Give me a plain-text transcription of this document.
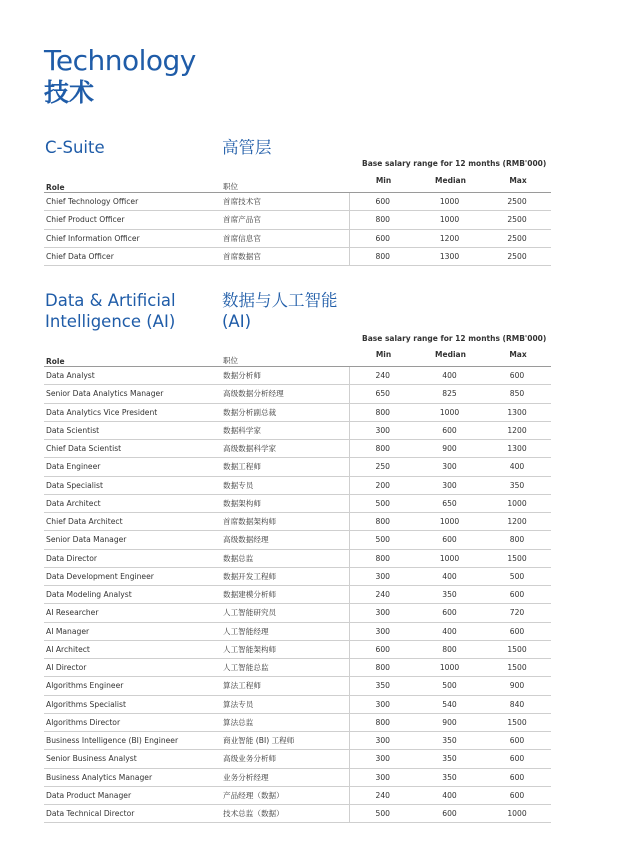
Technology
技术
C-Suite	高管层
Base salary range for 12 months (RMB'000)
Role	职位	Min	Median	Max
Chief Technology Officer	首席技术官	600	1000	2500
Chief Product Officer	首席产品官	800	1000	2500
Chief Information Officer	首席信息官	600	1200	2500
Chief Data Officer	首席数据官	800	1300	2500
Data & Artificial
Intelligence (AI)
数据与人工智能
(AI)
Base salary range for 12 months (RMB'000)
Role	职位	Min	Median	Max
Data Analyst	数据分析师	240	400	600
Senior Data Analytics Manager	高级数据分析经理	650	825	850
Data Analytics Vice President	数据分析副总裁	800	1000	1300
Data Scientist	数据科学家	300	600	1200
Chief Data Scientist	高级数据科学家	800	900	1300
Data Engineer	数据工程师	250	300	400
Data Specialist	数据专员	200	300	350
Data Architect	数据架构师	500	650	1000
Chief Data Architect	首席数据架构师	800	1000	1200
Senior Data Manager	高级数据经理	500	600	800
Data Director	数据总监	800	1000	1500
Data Development Engineer	数据开发工程师	300	400	500
Data Modeling Analyst	数据建模分析师	240	350	600
AI Researcher	人工智能研究员	300	600	720
AI Manager	人工智能经理	300	400	600
AI Architect	人工智能架构师	600	800	1500
AI Director	人工智能总监	800	1000	1500
Algorithms Engineer	算法工程师	350	500	900
Algorithms Specialist	算法专员	300	540	840
Algorithms Director	算法总监	800	900	1500
Business Intelligence (BI) Engineer	商业智能 (BI) 工程师	300	350	600
Senior Business Analyst	高级业务分析师	300	350	600
Business Analytics Manager	业务分析经理	300	350	600
Data Product Manager	产品经理（数据）	240	400	600
Data Technical Director	技术总监（数据）	500	600	1000
